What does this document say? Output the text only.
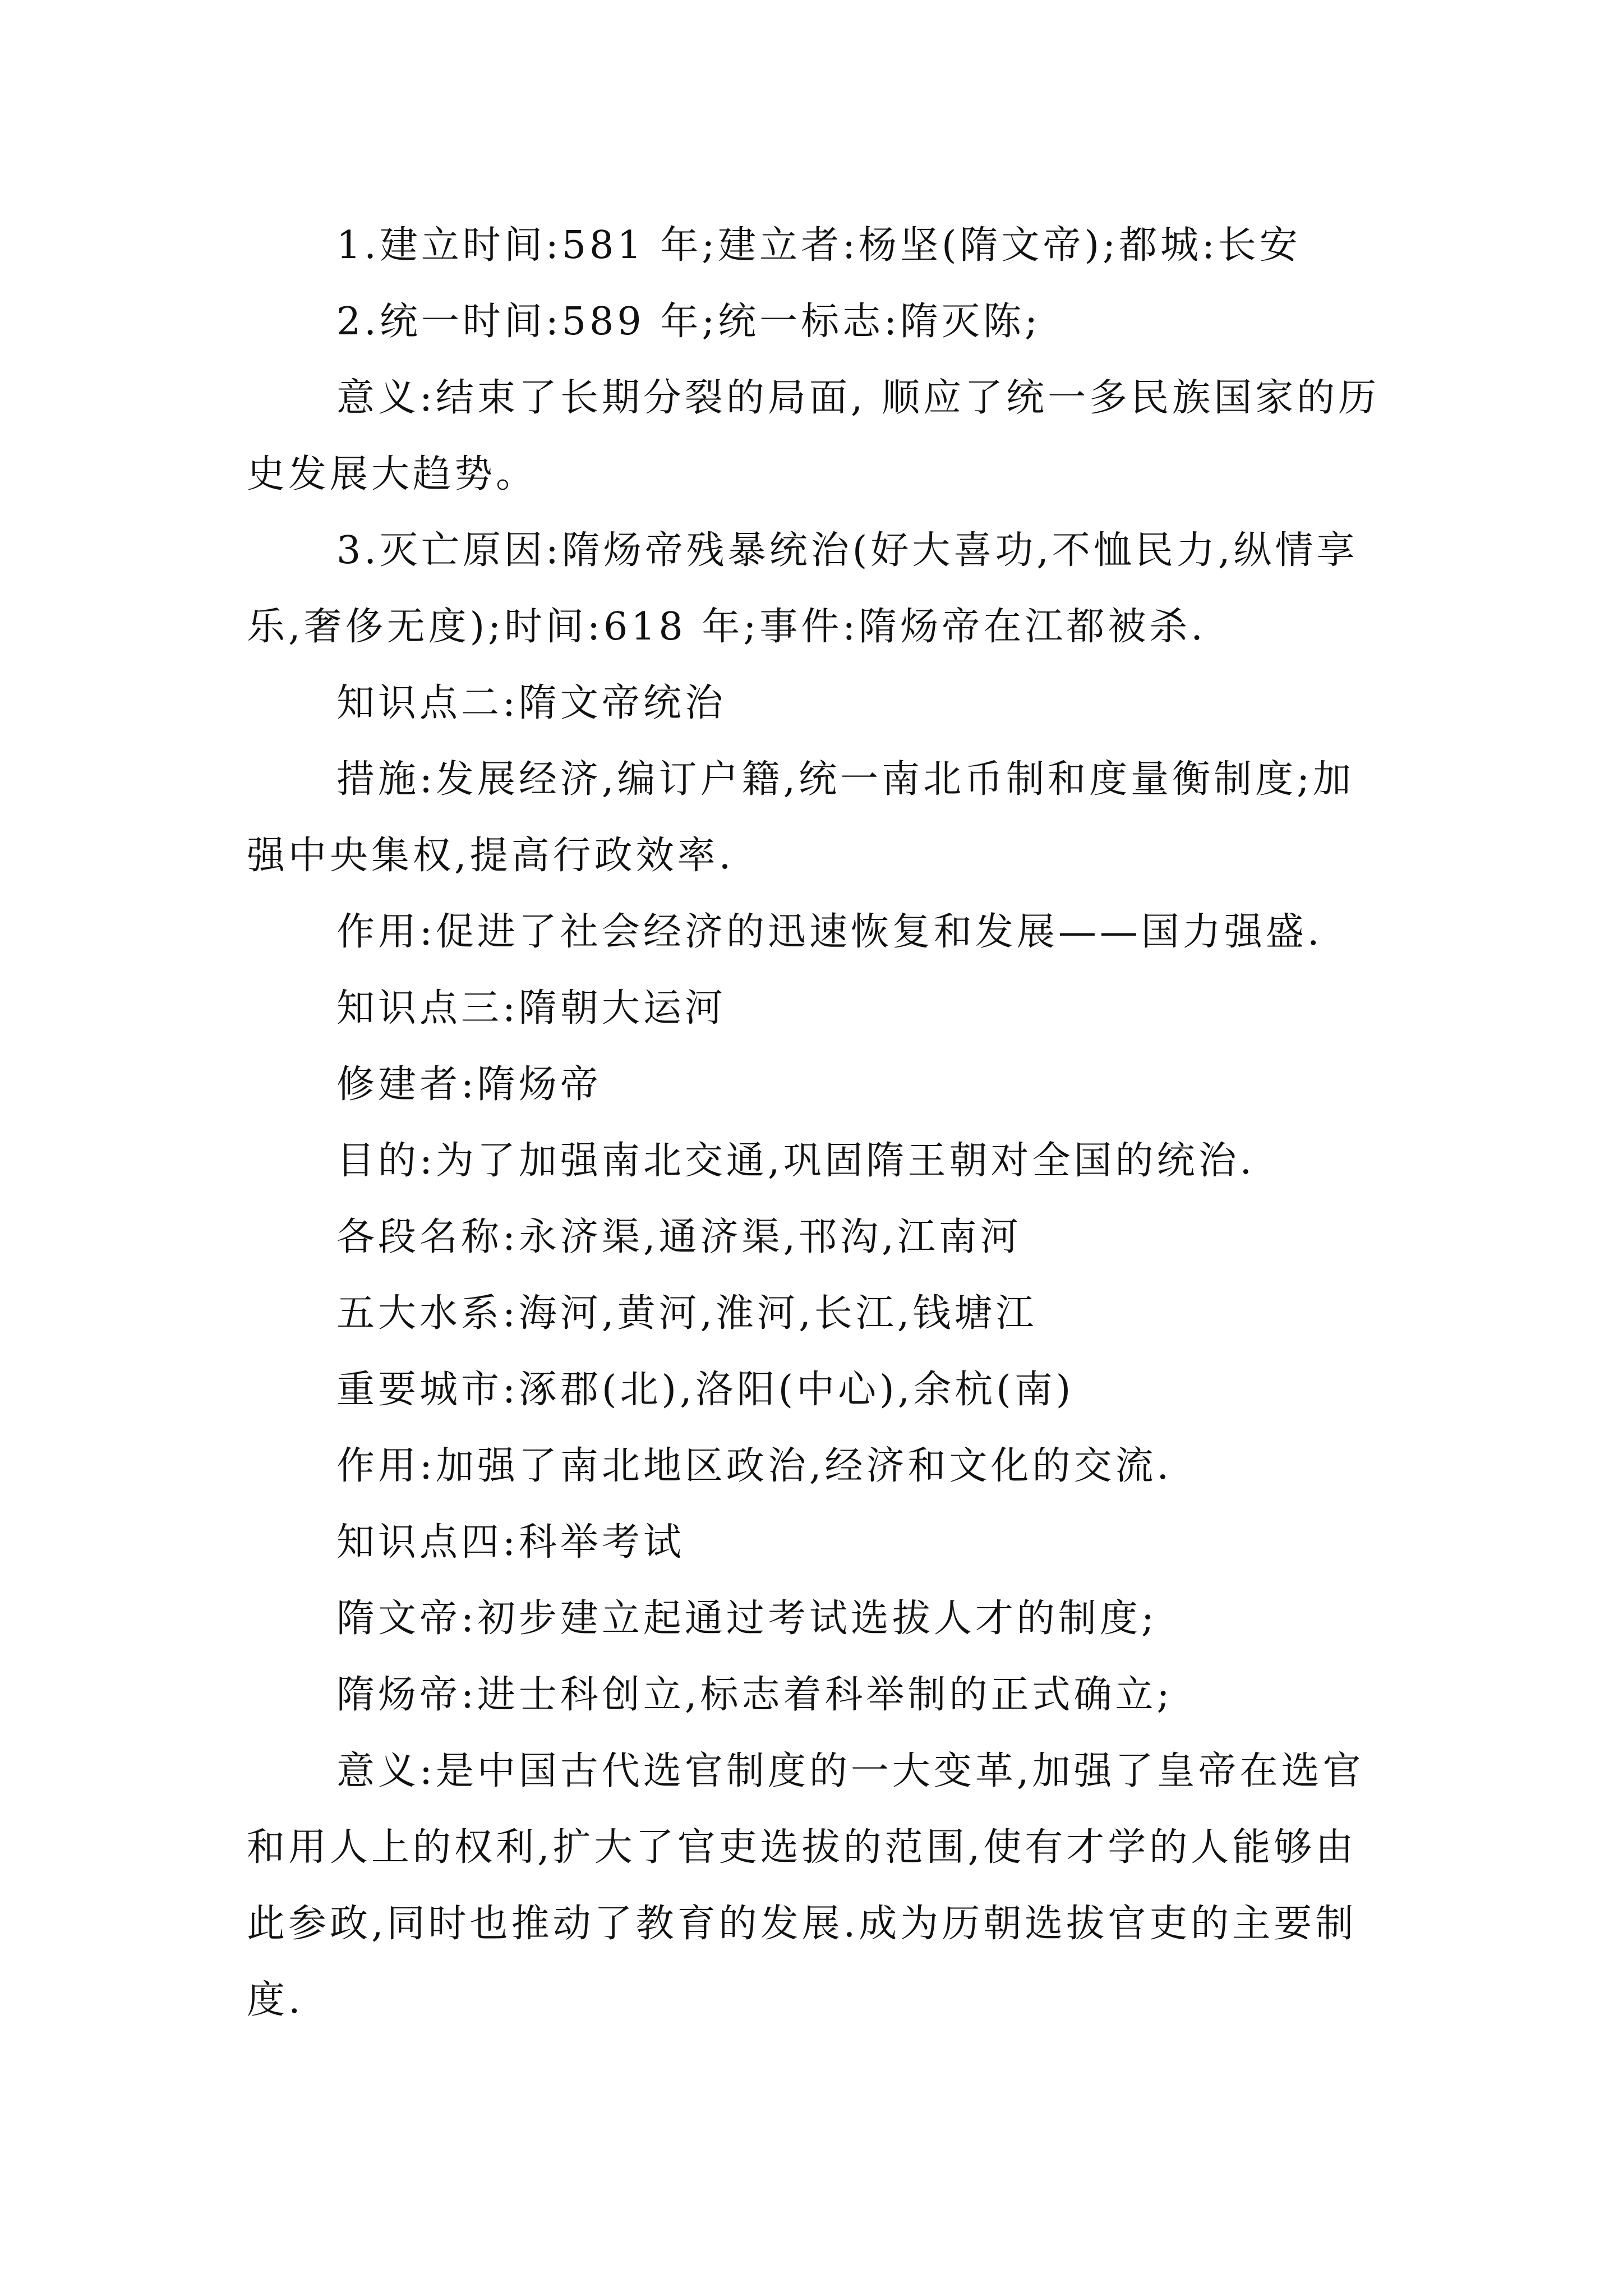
1.建立时间:581 年;建立者:杨坚(隋文帝);都城:长安

2.统一时间:589 年;统一标志:隋灭陈;

意义:结束了长期分裂的局面, 顺应了统一多民族国家的历史发展大趋势。

3.灭亡原因:隋炀帝残暴统治(好大喜功,不恤民力,纵情享乐,奢侈无度);时间:618 年;事件:隋炀帝在江都被杀.

知识点二:隋文帝统治

措施:发展经济,编订户籍,统一南北币制和度量衡制度;加强中央集权,提高行政效率.

作用:促进了社会经济的迅速恢复和发展——国力强盛.

知识点三:隋朝大运河

修建者:隋炀帝

目的:为了加强南北交通,巩固隋王朝对全国的统治.

各段名称:永济渠,通济渠,邗沟,江南河

五大水系:海河,黄河,淮河,长江,钱塘江

重要城市:涿郡(北),洛阳(中心),余杭(南)

作用:加强了南北地区政治,经济和文化的交流.

知识点四:科举考试

隋文帝:初步建立起通过考试选拔人才的制度;

隋炀帝:进士科创立,标志着科举制的正式确立;

意义:是中国古代选官制度的一大变革,加强了皇帝在选官和用人上的权利,扩大了官吏选拔的范围,使有才学的人能够由此参政,同时也推动了教育的发展.成为历朝选拔官吏的主要制度.
